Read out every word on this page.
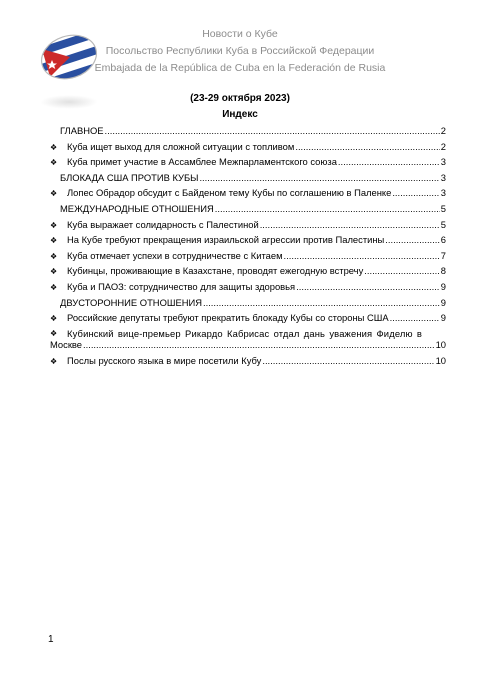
Новости о Кубе
Посольство Республики Куба в Российской Федерации
Embajada de la República de Cuba en la Federación de Rusia
(23-29 октября 2023)
Индекс
ГЛАВНОЕ .....	2
❖	Куба ищет выход для сложной ситуации с топливом .....	2
❖	Куба примет участие в Ассамблее Межпарламентского союза .....	3
БЛОКАДА США ПРОТИВ КУБЫ .....	3
❖	Лопес Обрадор обсудит с Байденом тему Кубы по соглашению в Паленке .....	3
МЕЖДУНАРОДНЫЕ ОТНОШЕНИЯ .....	5
❖	Куба выражает солидарность с Палестиной .....	5
❖	На Кубе требуют прекращения израильской агрессии против Палестины .....	6
❖	Куба отмечает успехи в сотрудничестве с Китаем .....	7
❖	Кубинцы, проживающие в Казахстане, проводят ежегодную встречу .....	8
❖	Куба и ПАОЗ: сотрудничество для защиты здоровья .....	9
ДВУСТОРОННИЕ ОТНОШЕНИЯ .....	9
❖	Российские депутаты требуют прекратить блокаду Кубы со стороны США .....	9
❖	Кубинский вице-премьер Рикардо Кабрисас отдал дань уважения Фиделю в
Москве .....	10
❖	Послы русского языка в мире посетили Кубу .....	10
1
